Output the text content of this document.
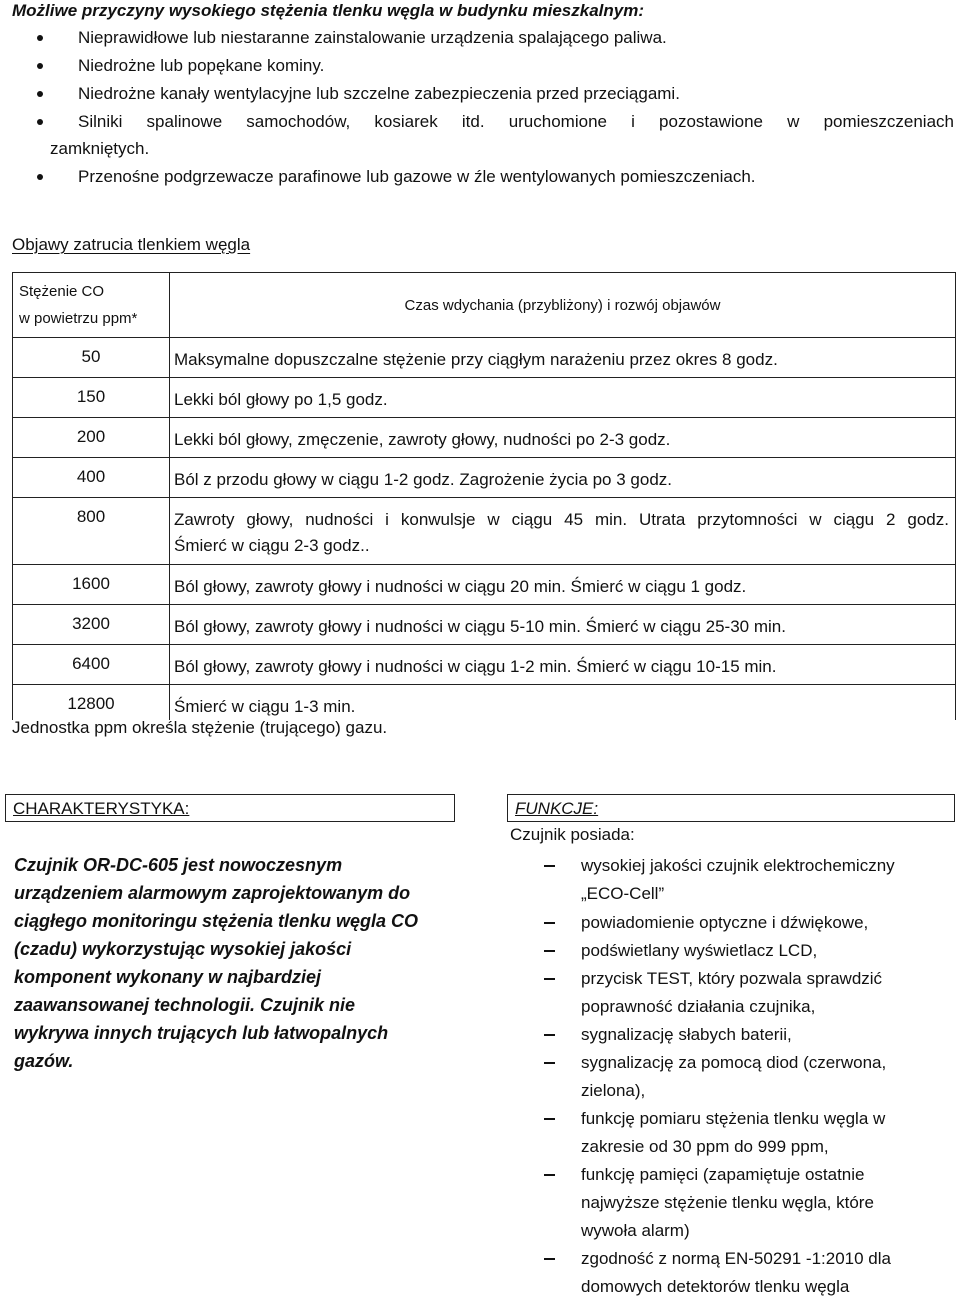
Możliwe przyczyny wysokiego stężenia tlenku węgla w budynku mieszkalnym:
Nieprawidłowe lub niestaranne zainstalowanie urządzenia spalającego paliwa.
Niedrożne lub popękane kominy.
Niedrożne kanały wentylacyjne lub szczelne zabezpieczenia przed przeciągami.
Silniki spalinowe samochodów, kosiarek itd. uruchomione i pozostawione w pomieszczeniach
zamkniętych.
Przenośne podgrzewacze parafinowe lub gazowe w źle wentylowanych pomieszczeniach.
Objawy zatrucia tlenkiem węgla
Stężenie CO
w powietrzu ppm*	Czas wdychania (przybliżony) i rozwój objawów
50	Maksymalne dopuszczalne stężenie przy ciągłym narażeniu przez okres 8 godz.
150	Lekki ból głowy po 1,5 godz.
200	Lekki ból głowy, zmęczenie, zawroty głowy, nudności po 2-3 godz.
400	Ból z przodu głowy w ciągu 1-2 godz. Zagrożenie życia po 3 godz.
800	Zawroty głowy, nudności i konwulsje w ciągu 45 min. Utrata przytomności w ciągu 2 godz.
Śmierć w ciągu 2-3 godz..

1600	Ból głowy, zawroty głowy i nudności w ciągu 20 min. Śmierć w ciągu 1 godz.
3200	Ból głowy, zawroty głowy i nudności w ciągu 5-10 min. Śmierć w ciągu 25-30 min.
6400	Ból głowy, zawroty głowy i nudności w ciągu 1-2 min. Śmierć w ciągu 10-15 min.
12800	Śmierć w ciągu 1-3 min.
Jednostka ppm określa stężenie (trującego) gazu.
CHARAKTERYSTYKA:	FUNKCJE:
Czujnik OR-DC-605 jest nowoczesnym
urządzeniem alarmowym zaprojektowanym do
ciągłego monitoringu stężenia tlenku węgla CO
(czadu) wykorzystując wysokiej jakości
komponent wykonany w najbardziej
zaawansowanej technologii. Czujnik nie
wykrywa innych trujących lub łatwopalnych
gazów.
Czujnik posiada:
wysokiej jakości czujnik elektrochemiczny
„ECO-Cell”
powiadomienie optyczne i dźwiękowe,
podświetlany wyświetlacz LCD,
przycisk TEST, który pozwala sprawdzić
poprawność działania czujnika,
sygnalizację słabych baterii,
sygnalizację za pomocą diod (czerwona,
zielona),
funkcję pomiaru stężenia tlenku węgla w
zakresie od 30 ppm do 999 ppm,
funkcję pamięci (zapamiętuje ostatnie
najwyższe stężenie tlenku węgla, które
wywoła alarm)
zgodność z normą EN-50291 -1:2010 dla
domowych detektorów tlenku węgla
